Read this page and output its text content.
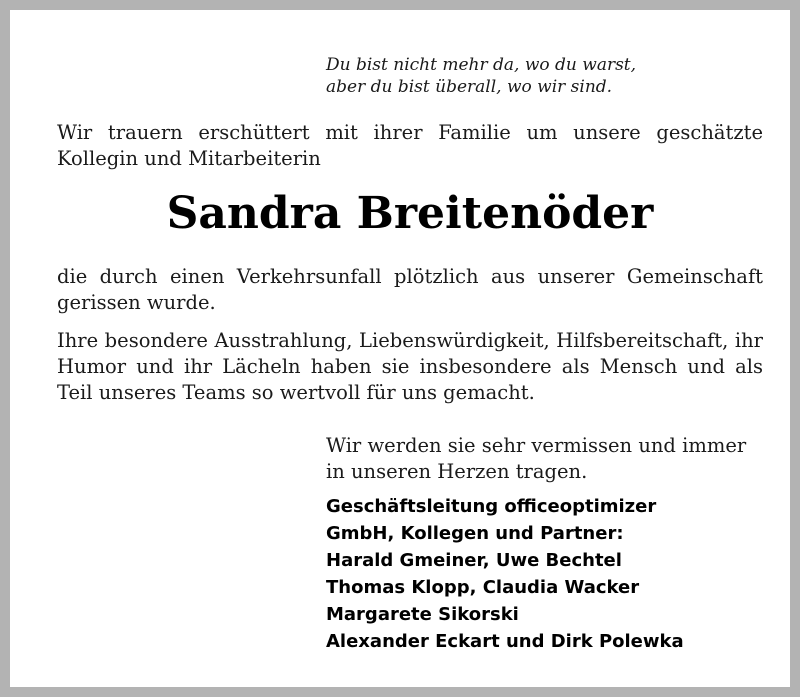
Du bist nicht mehr da, wo du warst,
aber du bist überall, wo wir sind.

Wir trauern erschüttert mit ihrer Familie um unsere geschätzte Kollegin und Mitarbeiterin

Sandra Breitenöder

die durch einen Verkehrsunfall plötzlich aus unserer Gemeinschaft gerissen wurde.

Ihre besondere Ausstrahlung, Liebenswürdigkeit, Hilfsbereitschaft, ihr Humor und ihr Lächeln haben sie insbesondere als Mensch und als Teil unseres Teams so wertvoll für uns gemacht.

Wir werden sie sehr vermissen und immer
in unseren Herzen tragen.
Geschäftsleitung officeoptimizer
GmbH, Kollegen und Partner:
Harald Gmeiner, Uwe Bechtel
Thomas Klopp, Claudia Wacker
Margarete Sikorski
Alexander Eckart und Dirk Polewka
